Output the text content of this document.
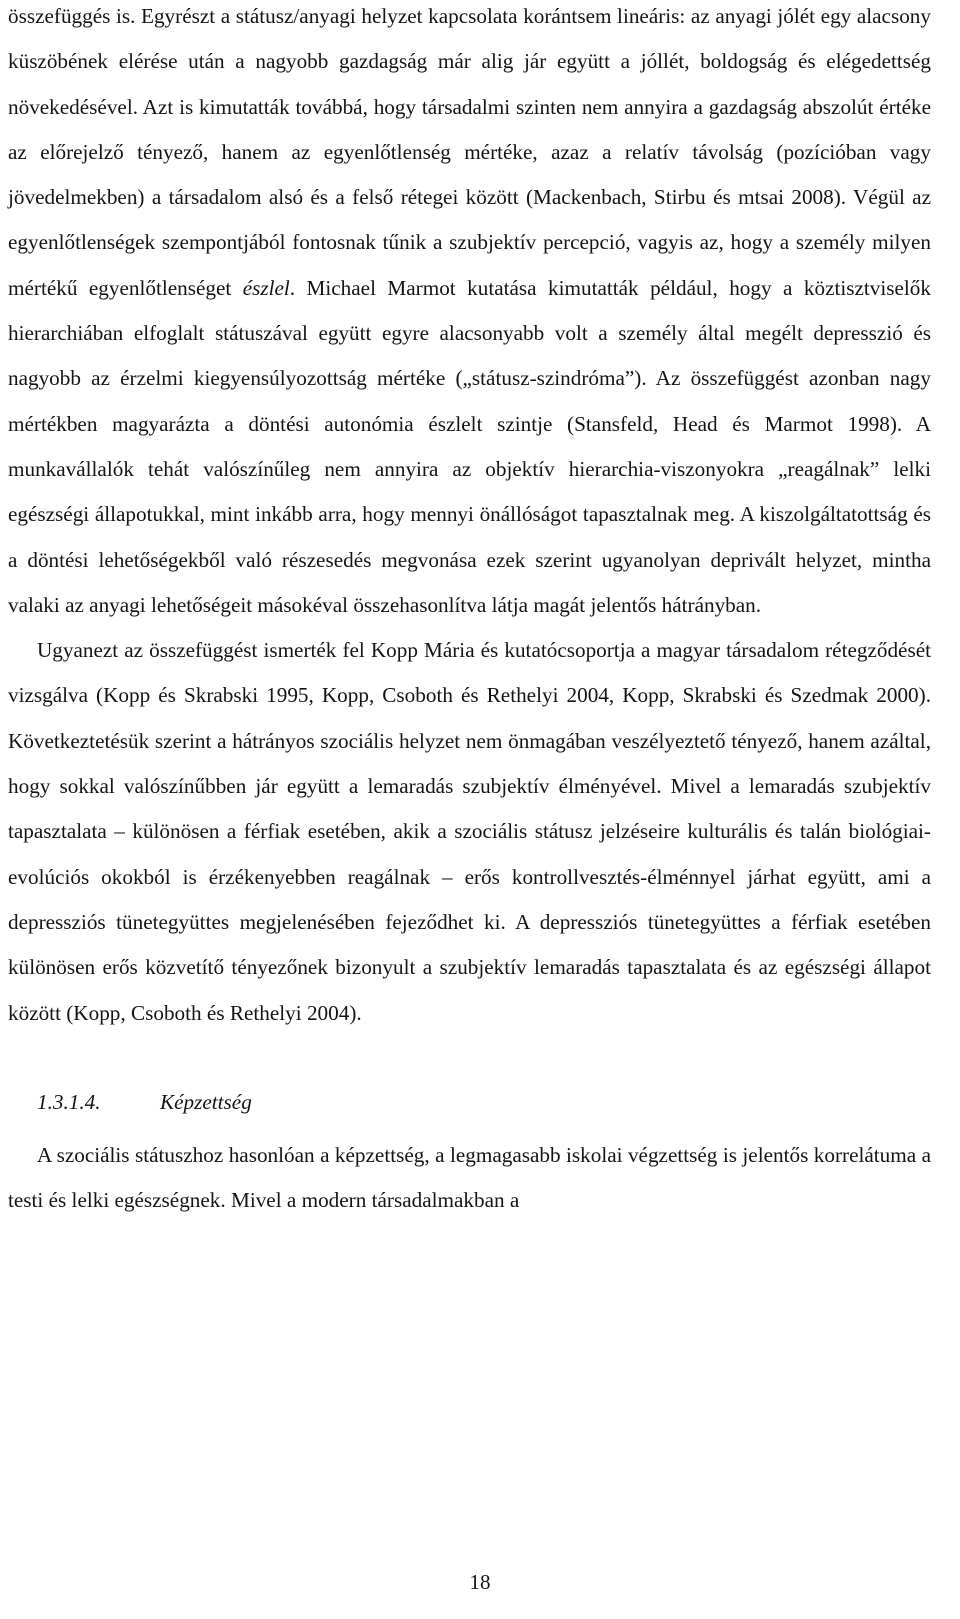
összefüggés is. Egyrészt a státusz/anyagi helyzet kapcsolata korántsem lineáris: az anyagi jólét egy alacsony küszöbének elérése után a nagyobb gazdagság már alig jár együtt a jóllét, boldogság és elégedettség növekedésével. Azt is kimutatták továbbá, hogy társadalmi szinten nem annyira a gazdagság abszolút értéke az előrejelző tényező, hanem az egyenlőtlenség mértéke, azaz a relatív távolság (pozícióban vagy jövedelmekben) a társadalom alsó és a felső rétegei között (Mackenbach, Stirbu és mtsai 2008). Végül az egyenlőtlenségek szempontjából fontosnak tűnik a szubjektív percepció, vagyis az, hogy a személy milyen mértékű egyenlőtlenséget észlel. Michael Marmot kutatása kimutatták például, hogy a köztisztviselők hierarchiában elfoglalt státuszával együtt egyre alacsonyabb volt a személy által megélt depresszió és nagyobb az érzelmi kiegyensúlyozottság mértéke („státusz-szindróma”). Az összefüggést azonban nagy mértékben magyarázta a döntési autonómia észlelt szintje (Stansfeld, Head és Marmot 1998). A munkavállalók tehát valószínűleg nem annyira az objektív hierarchia-viszonyokra „reagálnak” lelki egészségi állapotukkal, mint inkább arra, hogy mennyi önállóságot tapasztalnak meg. A kiszolgáltatottság és a döntési lehetőségekből való részesedés megvonása ezek szerint ugyanolyan deprivált helyzet, mintha valaki az anyagi lehetőségeit másokéval összehasonlítva látja magát jelentős hátrányban.

Ugyanezt az összefüggést ismerték fel Kopp Mária és kutatócsoportja a magyar társadalom rétegződését vizsgálva (Kopp és Skrabski 1995, Kopp, Csoboth és Rethelyi 2004, Kopp, Skrabski és Szedmak 2000). Következtetésük szerint a hátrányos szociális helyzet nem önmagában veszélyeztető tényező, hanem azáltal, hogy sokkal valószínűbben jár együtt a lemaradás szubjektív élményével. Mivel a lemaradás szubjektív tapasztalata – különösen a férfiak esetében, akik a szociális státusz jelzéseire kulturális és talán biológiai-evolúciós okokból is érzékenyebben reagálnak – erős kontrollvesztés-élménnyel járhat együtt, ami a depressziós tünetegyüttes megjelenésében fejeződhet ki. A depressziós tünetegyüttes a férfiak esetében különösen erős közvetítő tényezőnek bizonyult a szubjektív lemaradás tapasztalata és az egészségi állapot között (Kopp, Csoboth és Rethelyi 2004).

1.3.1.4.	Képzettség

A szociális státuszhoz hasonlóan a képzettség, a legmagasabb iskolai végzettség is jelentős korrelátuma a testi és lelki egészségnek. Mivel a modern társadalmakban a

18
